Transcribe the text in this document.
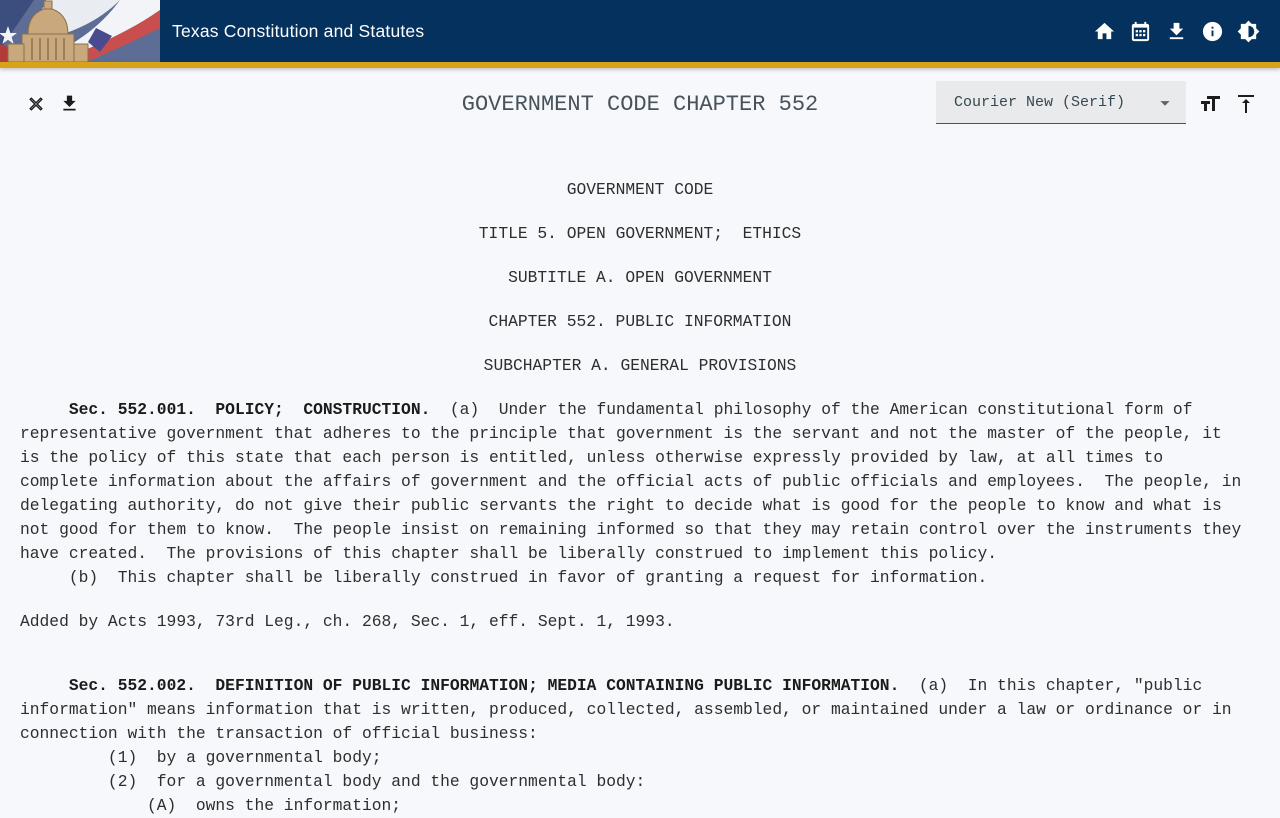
Texas Constitution and Statutes
GOVERNMENT CODE CHAPTER 552	Courier New (Serif)
GOVERNMENT CODE
TITLE 5. OPEN GOVERNMENT;  ETHICS
SUBTITLE A. OPEN GOVERNMENT
CHAPTER 552. PUBLIC INFORMATION
SUBCHAPTER A. GENERAL PROVISIONS
Sec. 552.001.  POLICY;  CONSTRUCTION.  (a)  Under the fundamental philosophy of the American constitutional form of
representative government that adheres to the principle that government is the servant and not the master of the people, it
is the policy of this state that each person is entitled, unless otherwise expressly provided by law, at all times to
complete information about the affairs of government and the official acts of public officials and employees.  The people, in
delegating authority, do not give their public servants the right to decide what is good for the people to know and what is
not good for them to know.  The people insist on remaining informed so that they may retain control over the instruments they
have created.  The provisions of this chapter shall be liberally construed to implement this policy.
(b)  This chapter shall be liberally construed in favor of granting a request for information.
Added by Acts 1993, 73rd Leg., ch. 268, Sec. 1, eff. Sept. 1, 1993.
Sec. 552.002.  DEFINITION OF PUBLIC INFORMATION; MEDIA CONTAINING PUBLIC INFORMATION.  (a)  In this chapter, "public
information" means information that is written, produced, collected, assembled, or maintained under a law or ordinance or in
connection with the transaction of official business:
(1)  by a governmental body;
(2)  for a governmental body and the governmental body:
(A)  owns the information;
